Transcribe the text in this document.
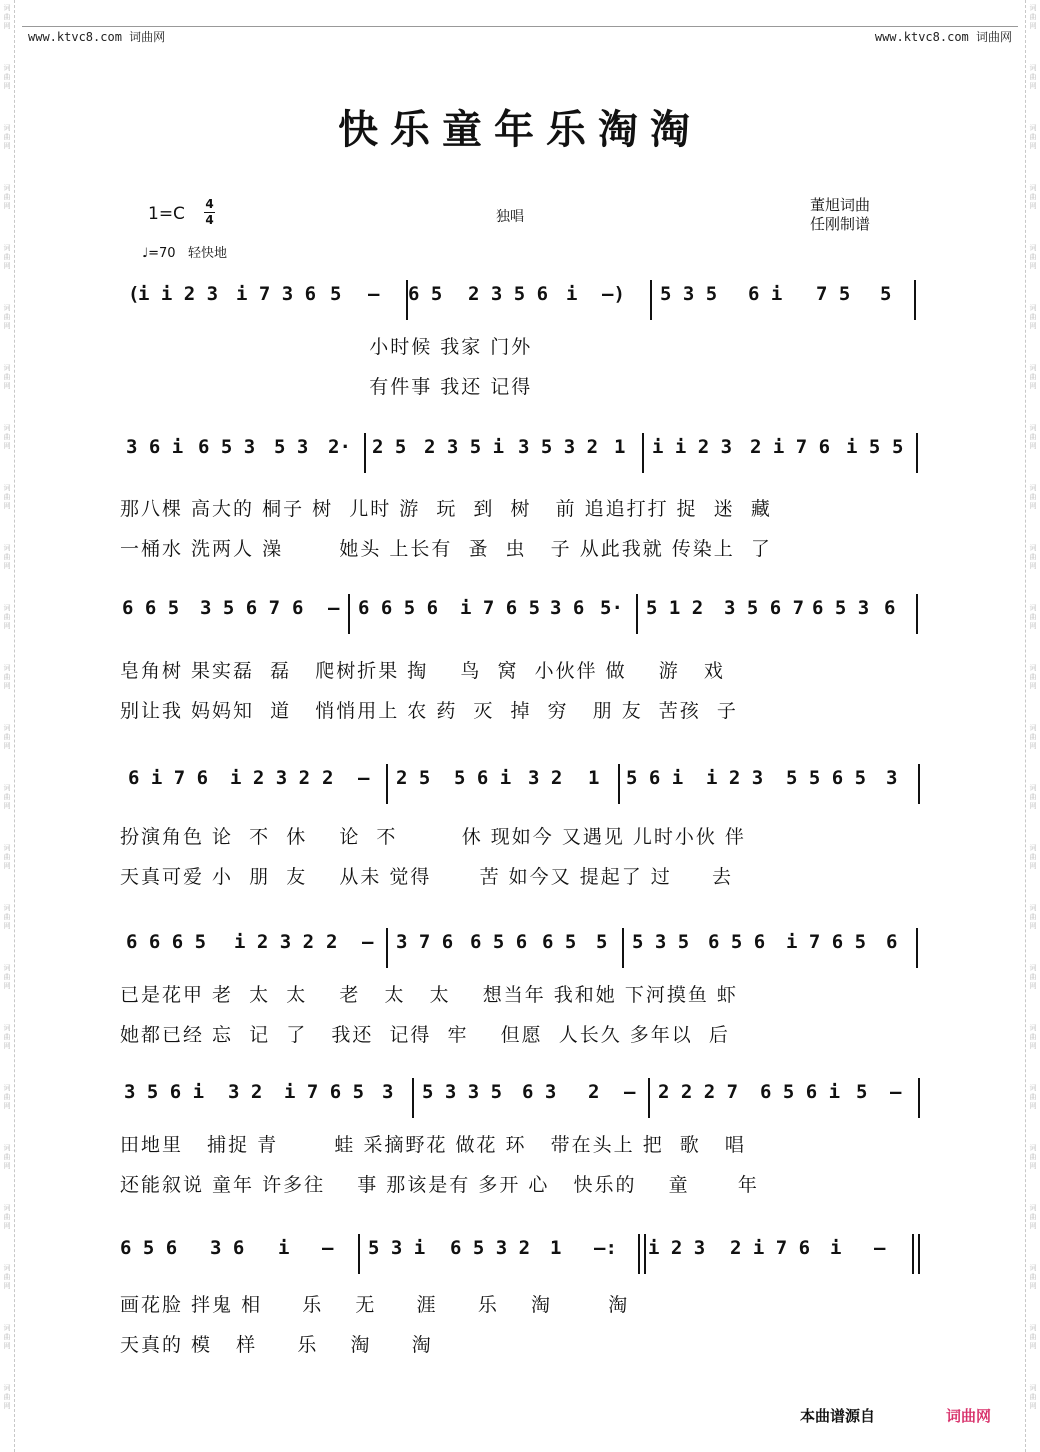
词
曲
网
词
曲
网
词
曲
网
词
曲
网
词
曲
网
词
曲
网
词
曲
网
词
曲
网
词
曲
网
词
曲
网
词
曲
网
词
曲
网
词
曲
网
词
曲
网
词
曲
网
词
曲
网
词
曲
网
词
曲
网
词
曲
网
词
曲
网
词
曲
网
词
曲
网
词
曲
网
词
曲
网
词
曲
网
词
曲
网
词
曲
网
词
曲
网
词
曲
网
词
曲
网
词
曲
网
词
曲
网
词
曲
网
词
曲
网
词
曲
网
词
曲
网
词
曲
网
词
曲
网
词
曲
网
词
曲
网
词
曲
网
词
曲
网
词
曲
网
词
曲
网
词
曲
网
词
曲
网
词
曲
网
词
曲
网
www.ktvc8.com 词曲网	www.ktvc8.com 词曲网
快乐童年乐淘淘
1=C 4
4
♩=70 轻快地
独唱
董旭词曲
任刚制谱
(
i i 2 3 i 7 3 6 5 – 6 5 2 3 5 6 i –) 5 3 5 6 i 7 5 5
小时候 我家 门外
有件事 我还 记得
3 6 i 6 5 3 5 3 2· 2 5 2 3 5 i 3 5 3 2 1 i i 2 3 2 i 7 6 i 5 5
那八棵 高大的 桐子 树  儿时 游  玩  到  树   前 追追打打 捉  迷  藏
一桶水 洗两人 澡       她头 上长有  蚤  虫   子 从此我就 传染上  了
6 6 5 3 5 6 7 6 – 6 6 5 6 i 7 6 5 3 6 5· 5 1 2 3 5 6 7 6 5 3 6
皂角树 果实磊  磊   爬树折果 掏    鸟  窝  小伙伴 做    游   戏
别让我 妈妈知  道   悄悄用上 农 药  灭  掉  穷   朋 友  苦孩  子
6 i 7 6 i 2 3 2 2 – 2 5 5 6 i 3 2 1 5 6 i i 2 3 5 5 6 5 3
扮演角色 论  不  休    论  不        休 现如今 又遇见 儿时小伙 伴
天真可爱 小  朋  友    从未 觉得      苦 如今又 提起了 过     去
6 6 6 5 i 2 3 2 2 – 3 7 6 6 5 6 6 5 5 5 3 5 6 5 6 i 7 6 5 6
已是花甲 老  太  太    老   太   太    想当年 我和她 下河摸鱼 虾
她都已经 忘  记  了   我还  记得  牢    但愿  人长久 多年以  后
3 5 6 i 3 2 i 7 6 5 3 5 3 3 5 6 3 2 – 2 2 2 7 6 5 6 i 5 –
田地里   捕捉 青       蛙 采摘野花 做花 环   带在头上 把  歌   唱
还能叙说 童年 许多往    事 那该是有 多开 心   快乐的    童      年
6 5 6 3 6 i – 5 3 i 6 5 3 2 1 –: i 2 3 2 i 7 6 i –
画花脸 拌鬼 相     乐    无     涯     乐    淘       淘
天真的 模   样     乐    淘     淘
本曲谱源自	词曲网
